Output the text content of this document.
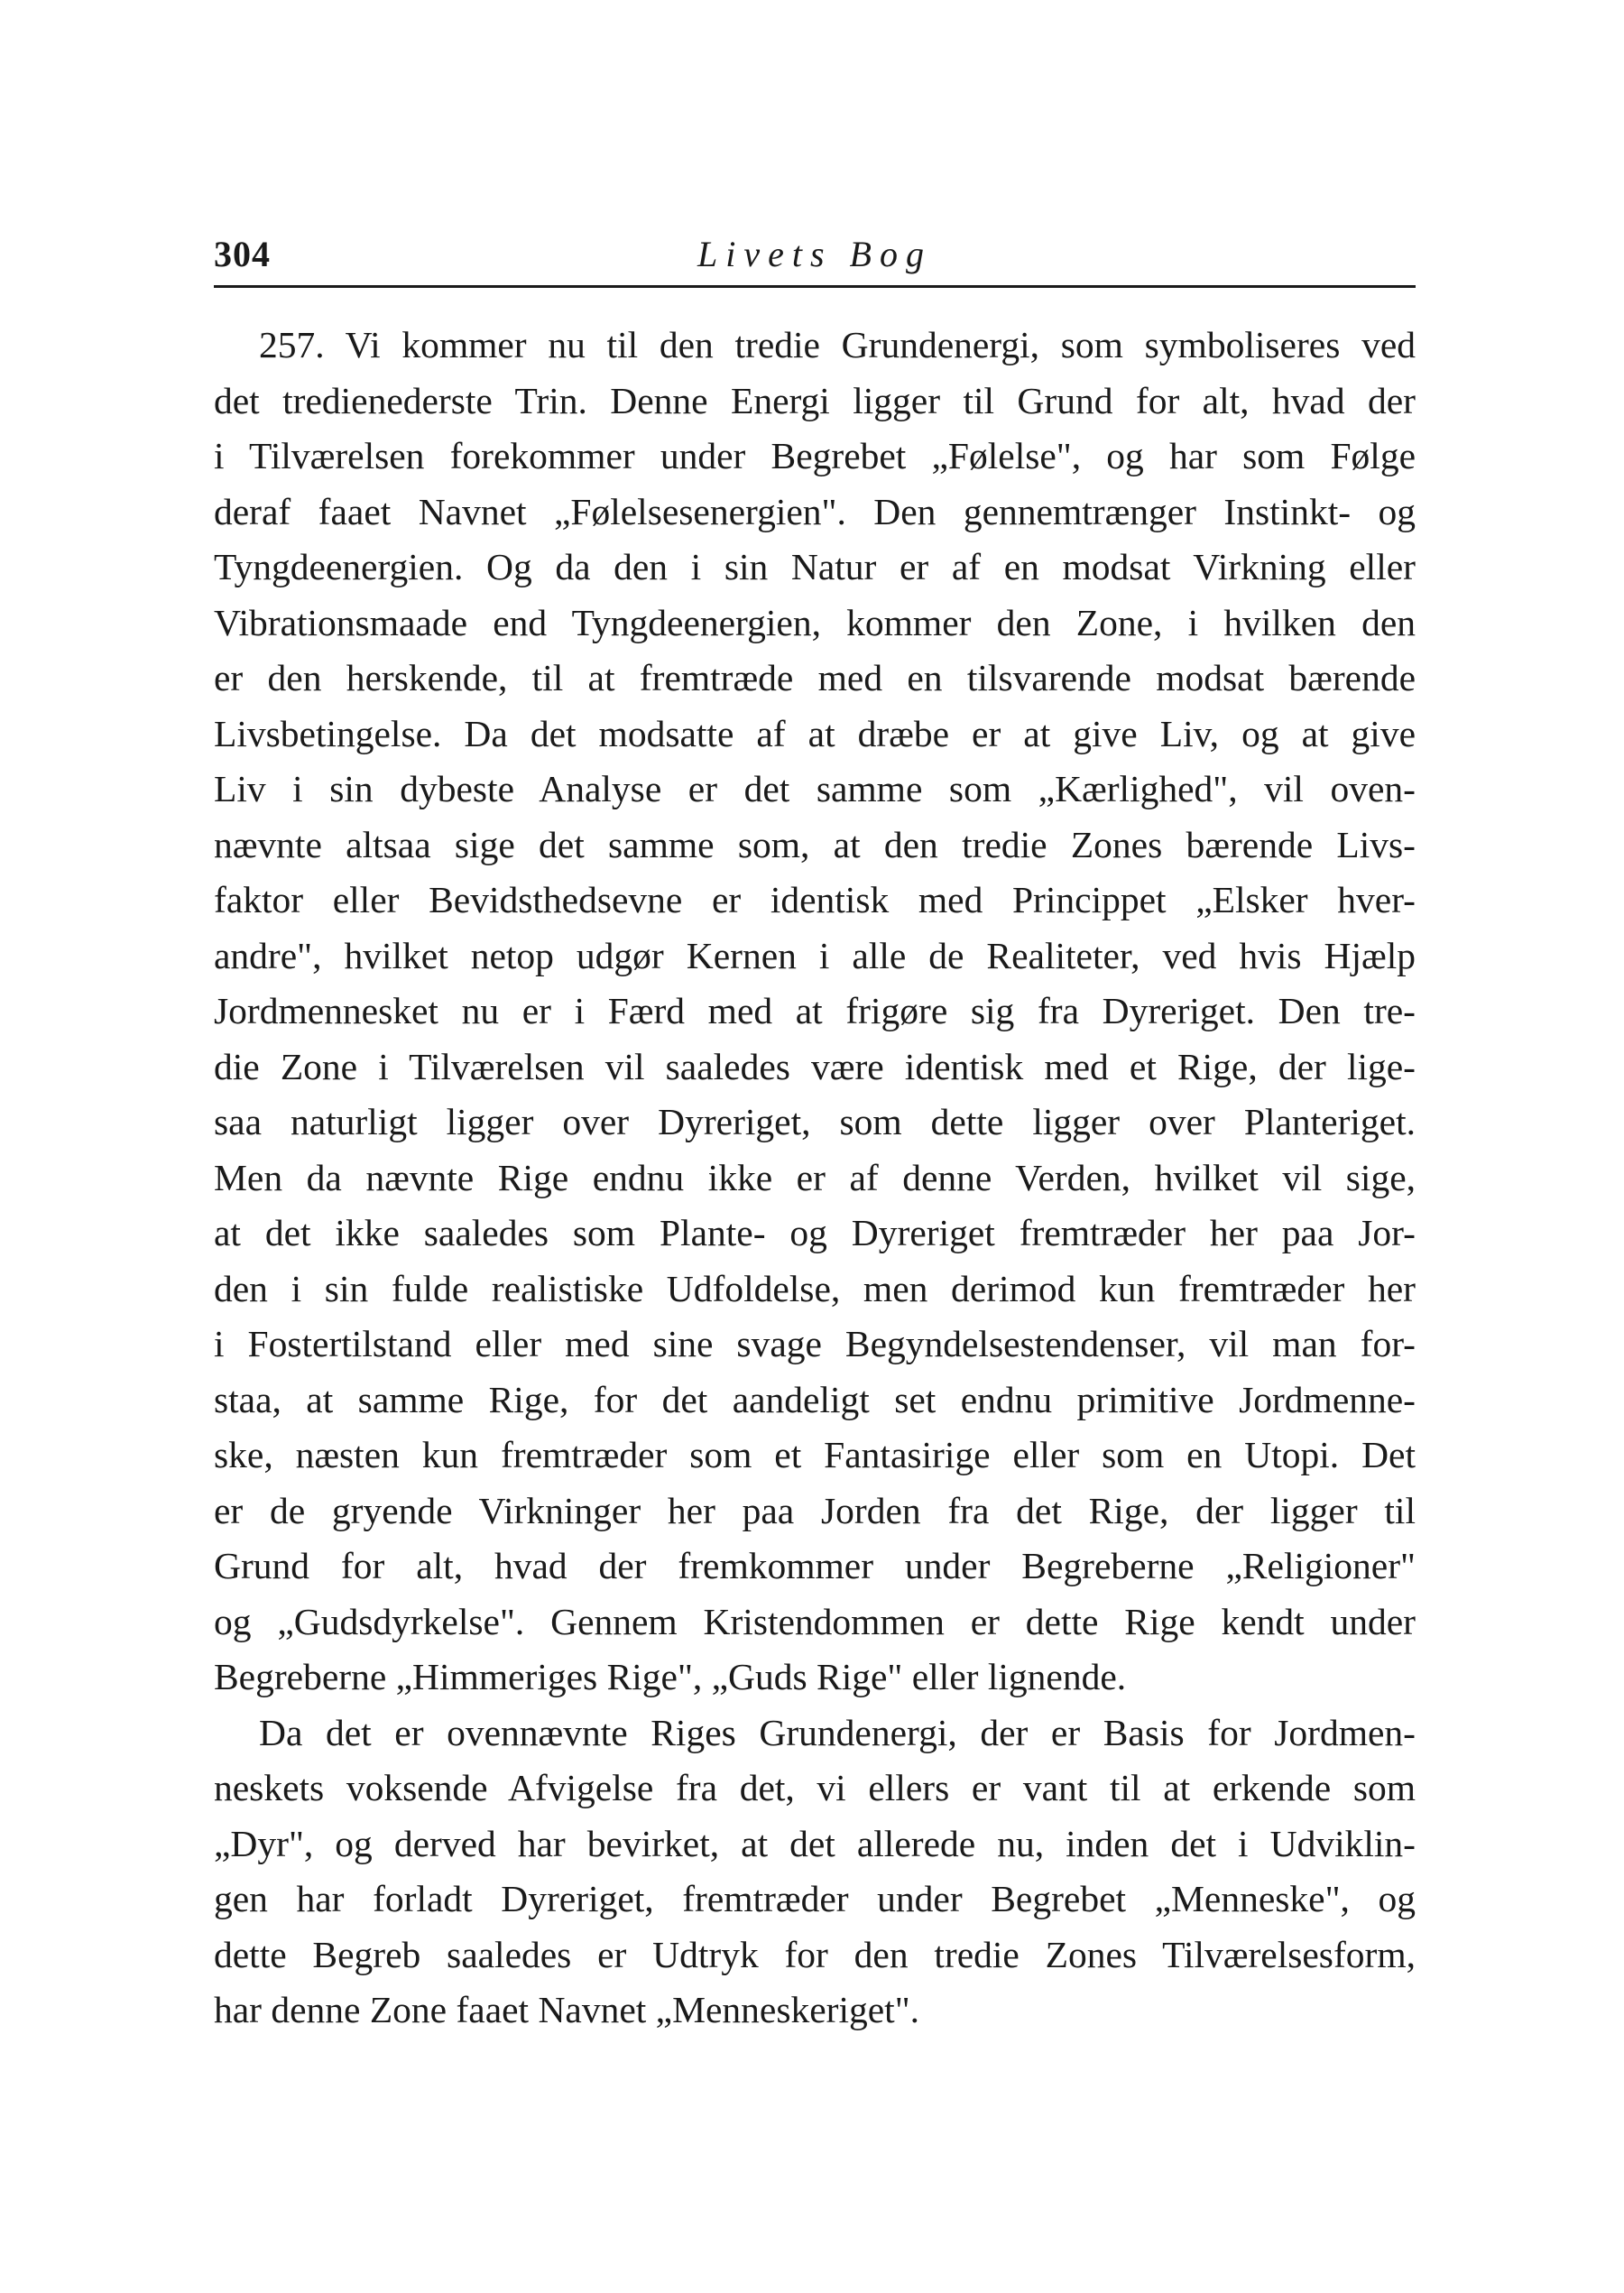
304	Livets Bog
257. Vi kommer nu til den tredie Grundenergi, som symboliseres ved
det tredienederste Trin. Denne Energi ligger til Grund for alt, hvad der
i Tilværelsen forekommer under Begrebet „Følelse", og har som Følge
deraf faaet Navnet „Følelsesenergien". Den gennemtrænger Instinkt- og
Tyngdeenergien. Og da den i sin Natur er af en modsat Virkning eller
Vibrationsmaade end Tyngdeenergien, kommer den Zone, i hvilken den
er den herskende, til at fremtræde med en tilsvarende modsat bærende
Livsbetingelse. Da det modsatte af at dræbe er at give Liv, og at give
Liv i sin dybeste Analyse er det samme som „Kærlighed", vil oven-
nævnte altsaa sige det samme som, at den tredie Zones bærende Livs-
faktor eller Bevidsthedsevne er identisk med Princippet „Elsker hver-
andre", hvilket netop udgør Kernen i alle de Realiteter, ved hvis Hjælp
Jordmennesket nu er i Færd med at frigøre sig fra Dyreriget. Den tre-
die Zone i Tilværelsen vil saaledes være identisk med et Rige, der lige-
saa naturligt ligger over Dyreriget, som dette ligger over Planteriget.
Men da nævnte Rige endnu ikke er af denne Verden, hvilket vil sige,
at det ikke saaledes som Plante- og Dyreriget fremtræder her paa Jor-
den i sin fulde realistiske Udfoldelse, men derimod kun fremtræder her
i Fostertilstand eller med sine svage Begyndelsestendenser, vil man for-
staa, at samme Rige, for det aandeligt set endnu primitive Jordmenne-
ske, næsten kun fremtræder som et Fantasirige eller som en Utopi. Det
er de gryende Virkninger her paa Jorden fra det Rige, der ligger til
Grund for alt, hvad der fremkommer under Begreberne „Religioner"
og „Gudsdyrkelse". Gennem Kristendommen er dette Rige kendt under
Begreberne „Himmeriges Rige", „Guds Rige" eller lignende.
Da det er ovennævnte Riges Grundenergi, der er Basis for Jordmen-
neskets voksende Afvigelse fra det, vi ellers er vant til at erkende som
„Dyr", og derved har bevirket, at det allerede nu, inden det i Udviklin-
gen har forladt Dyreriget, fremtræder under Begrebet „Menneske", og
dette Begreb saaledes er Udtryk for den tredie Zones Tilværelsesform,
har denne Zone faaet Navnet „Menneskeriget".
